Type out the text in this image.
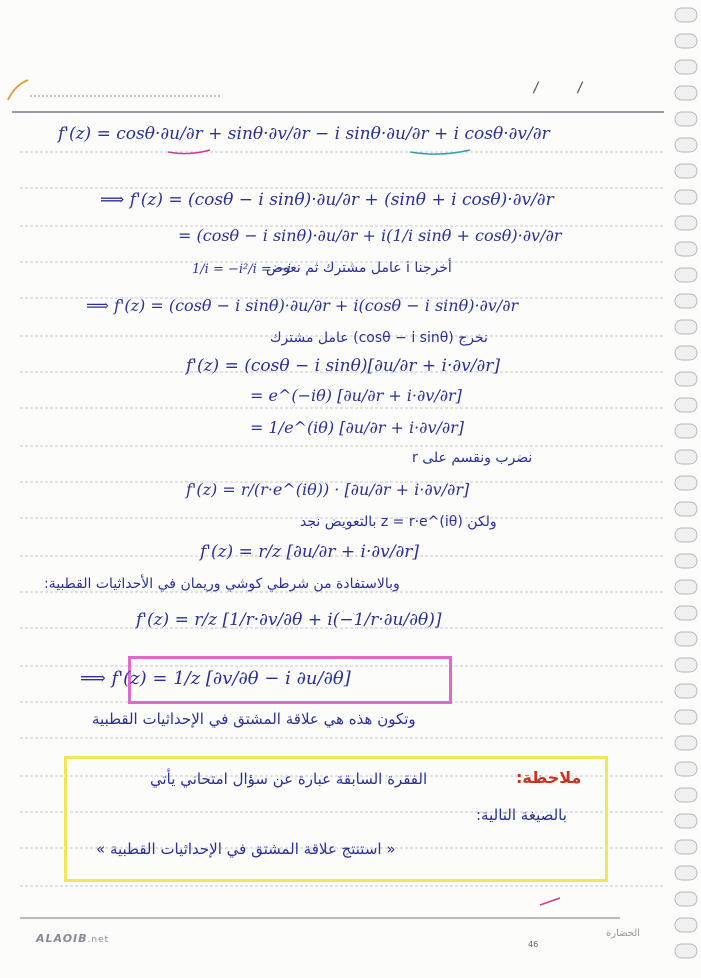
/	/
f'(z) = cosθ·∂u/∂r + sinθ·∂v/∂r − i sinθ·∂u/∂r + i cosθ·∂v/∂r
⟹ f'(z) = (cosθ − i sinθ)·∂u/∂r + (sinθ + i cosθ)·∂v/∂r
= (cosθ − i sinθ)·∂u/∂r + i(1/i sinθ + cosθ)·∂v/∂r
1/i = −i²/i = −i
أخرجنا i عامل مشترك ثم نعوض
⟹ f'(z) = (cosθ − i sinθ)·∂u/∂r + i(cosθ − i sinθ)·∂v/∂r
نخرج (cosθ − i sinθ) عامل مشترك
f'(z) = (cosθ − i sinθ)[∂u/∂r + i·∂v/∂r]
= e^(−iθ) [∂u/∂r + i·∂v/∂r]
= 1/e^(iθ) [∂u/∂r + i·∂v/∂r]
نضرب ونقسم على r
f'(z) = r/(r·e^(iθ)) · [∂u/∂r + i·∂v/∂r]
ولكن z = r·e^(iθ) بالتعويض نجد
f'(z) = r/z [∂u/∂r + i·∂v/∂r]
وبالاستفادة من شرطي كوشي وريمان في الأحداثيات القطبية:
f'(z) = r/z [1/r·∂v/∂θ + i(−1/r·∂u/∂θ)]
⟹ f'(z) = 1/z [∂v/∂θ − i ∂u/∂θ]
وتكون هذه هي علاقة المشتق في الإحداثيات القطبية
ملاحظة:
الفقرة السابقة عبارة عن سؤال امتحاني يأتي
بالصيغة التالية:
« استنتج علاقة المشتق في الإحداثيات القطبية »
ALAOIB.net
الحضارة
46
